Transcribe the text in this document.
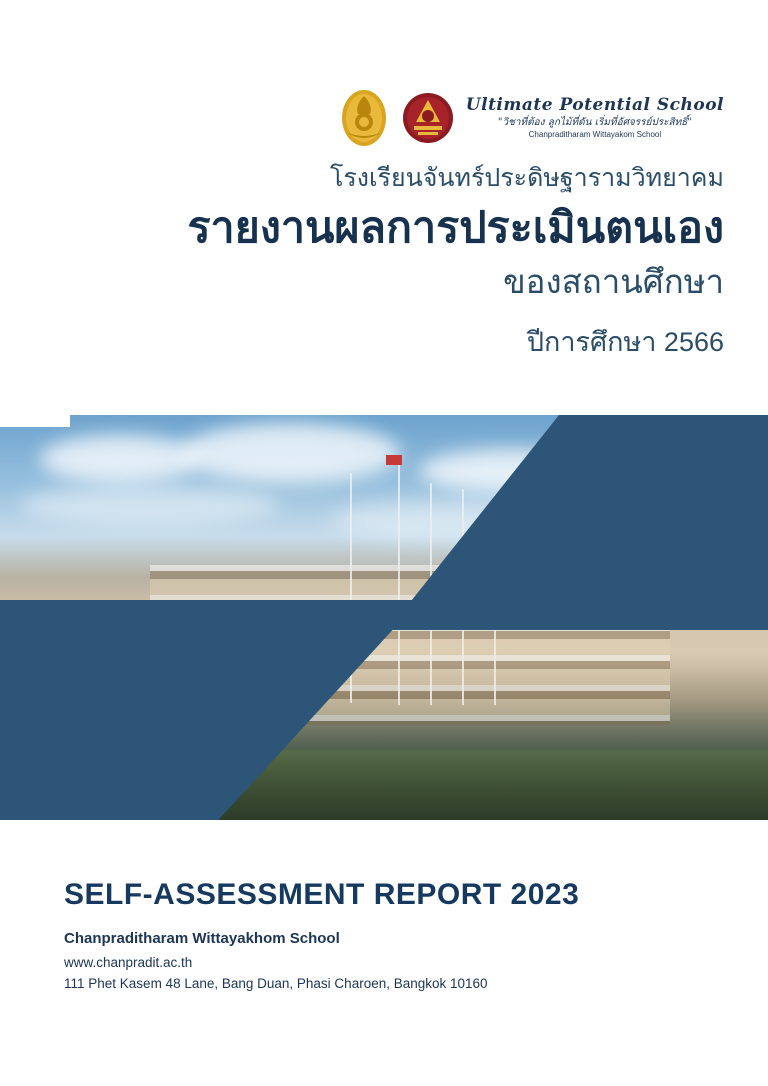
Ultimate Potential School
"วิชาที่ต้อง ลูกไม้ที่ดัน เริ่มที่อัศจรรย์ประสิทธิ์"
Chanpraditharam Wittayakom School

โรงเรียนจันทร์ประดิษฐารามวิทยาคม

รายงานผลการประเมินตนเอง

ของสถานศึกษา

ปีการศึกษา 2566

SELF-ASSESSMENT REPORT 2023

Chanpraditharam Wittayakhom School

www.chanpradit.ac.th

111 Phet Kasem 48 Lane, Bang Duan, Phasi Charoen, Bangkok 10160
